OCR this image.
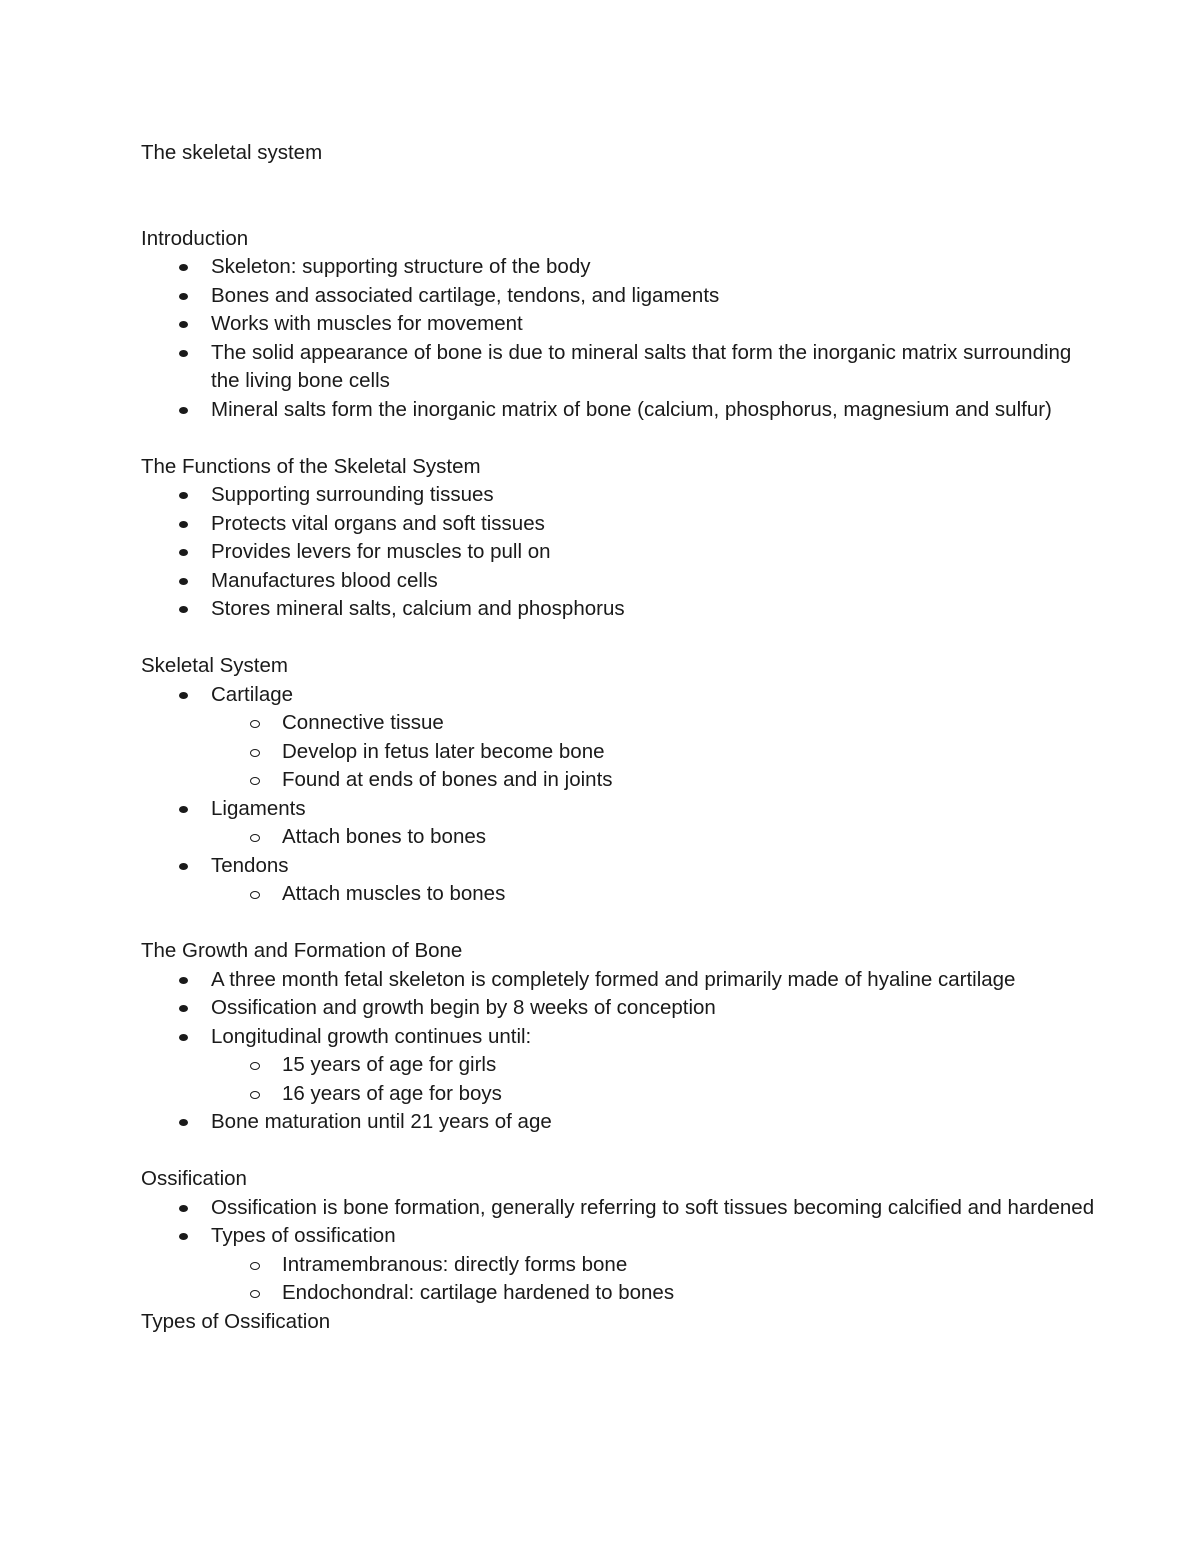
The skeletal system

Introduction

Skeleton: supporting structure of the body
Bones and associated cartilage, tendons, and ligaments
Works with muscles for movement
The solid appearance of bone is due to mineral salts that form the inorganic matrix surrounding the living bone cells
Mineral salts form the inorganic matrix of bone (calcium, phosphorus, magnesium and sulfur)

The Functions of the Skeletal System

Supporting surrounding tissues
Protects vital organs and soft tissues
Provides levers for muscles to pull on
Manufactures blood cells
Stores mineral salts, calcium and phosphorus

Skeletal System

Cartilage
Connective tissue
Develop in fetus later become bone
Found at ends of bones and in joints
Ligaments
Attach bones to bones
Tendons
Attach muscles to bones

The Growth and Formation of Bone

A three month fetal skeleton is completely formed and primarily made of hyaline cartilage
Ossification and growth begin by 8 weeks of conception
Longitudinal growth continues until:
15 years of age for girls
16 years of age for boys
Bone maturation until 21 years of age

Ossification

Ossification is bone formation, generally referring to soft tissues becoming calcified and hardened
Types of ossification
Intramembranous: directly forms bone
Endochondral: cartilage hardened to bones

Types of Ossification
